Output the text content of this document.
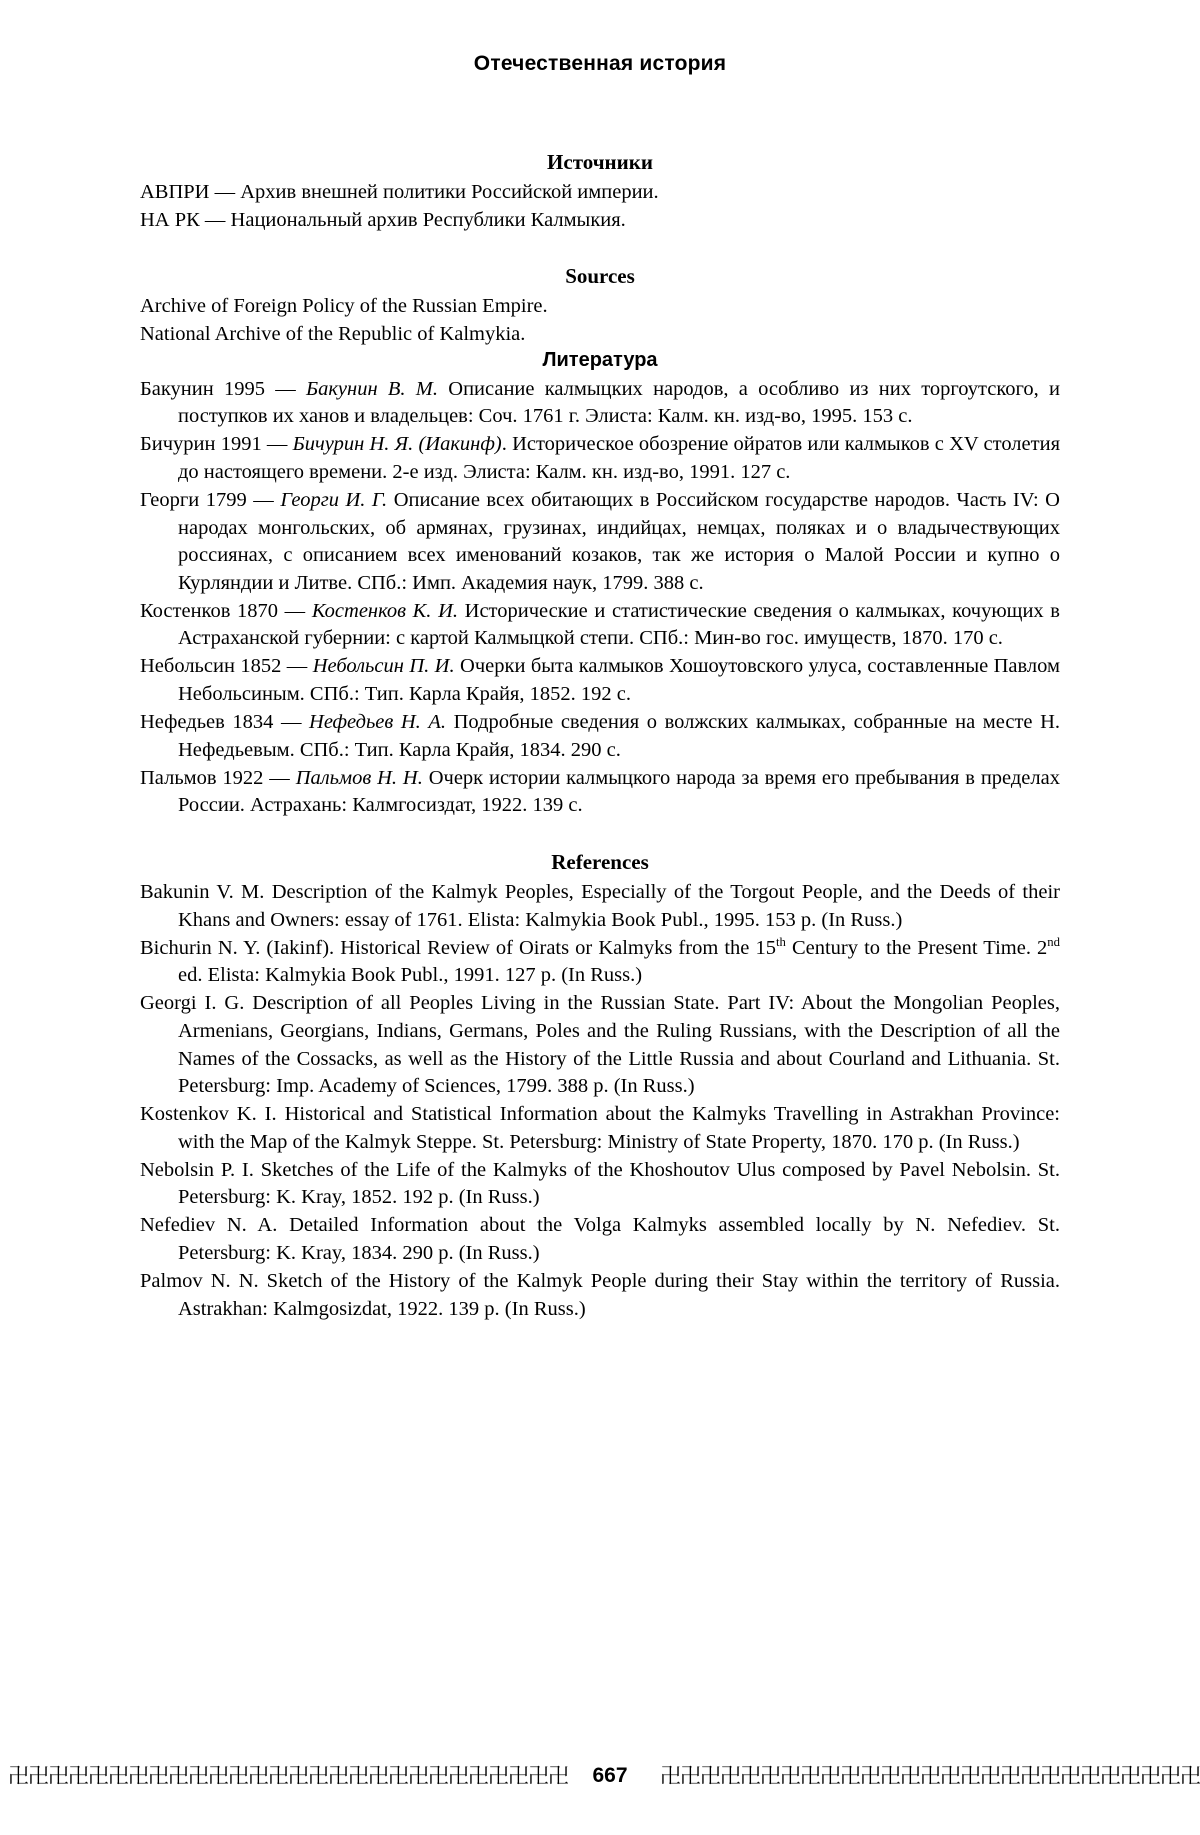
Отечественная история
Источники

АВПРИ — Архив внешней политики Российской империи.

НА РК — Национальный архив Республики Калмыкия.

Sources

Archive of Foreign Policy of the Russian Empire.

National Archive of the Republic of Kalmykia.

Литература
Бакунин 1995 — Бакунин В. М. Описание калмыцких народов, а особливо из них торгоутского, и поступков их ханов и владельцев: Соч. 1761 г. Элиста: Калм. кн. изд-во, 1995. 153 с.
Бичурин 1991 — Бичурин Н. Я. (Иакинф). Историческое обозрение ойратов или калмыков с XV столетия до настоящего времени. 2-е изд. Элиста: Калм. кн. изд-во, 1991. 127 с.
Георги 1799 — Георги И. Г. Описание всех обитающих в Российском государстве народов. Часть IV: О народах монгольских, об армянах, грузинах, индийцах, немцах, поляках и о владычествующих россиянах, с описанием всех именований козаков, так же история о Малой России и купно о Курляндии и Литве. СПб.: Имп. Академия наук, 1799. 388 с.
Костенков 1870 — Костенков К. И. Исторические и статистические сведения о калмыках, кочующих в Астраханской губернии: с картой Калмыцкой степи. СПб.: Мин-во гос. имуществ, 1870. 170 с.
Небольсин 1852 — Небольсин П. И. Очерки быта калмыков Хошоутовского улуса, составленные Павлом Небольсиным. СПб.: Тип. Карла Крайя, 1852. 192 с.
Нефедьев 1834 — Нефедьев Н. А. Подробные сведения о волжских калмыках, собранные на месте Н. Нефедьевым. СПб.: Тип. Карла Крайя, 1834. 290 с.
Пальмов 1922 — Пальмов Н. Н. Очерк истории калмыцкого народа за время его пребывания в пределах России. Астрахань: Калмгосиздат, 1922. 139 с.
References
Bakunin V. M. Description of the Kalmyk Peoples, Especially of the Torgout People, and the Deeds of their Khans and Owners: essay of 1761. Elista: Kalmykia Book Publ., 1995. 153 p. (In Russ.)
Bichurin N. Y. (Iakinf). Historical Review of Oirats or Kalmyks from the 15th Century to the Present Time. 2nd ed. Elista: Kalmykia Book Publ., 1991. 127 p. (In Russ.)
Georgi I. G. Description of all Peoples Living in the Russian State. Part IV: About the Mongolian Peoples, Armenians, Georgians, Indians, Germans, Poles and the Ruling Russians, with the Description of all the Names of the Cossacks, as well as the History of the Little Russia and about Courland and Lithuania. St. Petersburg: Imp. Academy of Sciences, 1799. 388 p. (In Russ.)
Kostenkov K. I. Historical and Statistical Information about the Kalmyks Travelling in Astrakhan Province: with the Map of the Kalmyk Steppe. St. Petersburg: Ministry of State Property, 1870. 170 p. (In Russ.)
Nebolsin P. I. Sketches of the Life of the Kalmyks of the Khoshoutov Ulus composed by Pavel Nebolsin. St. Petersburg: K. Kray, 1852. 192 p. (In Russ.)
Nefediev N. A. Detailed Information about the Volga Kalmyks assembled locally by N. Nefediev. St. Petersburg: K. Kray, 1834. 290 p. (In Russ.)
Palmov N. N. Sketch of the History of the Kalmyk People during their Stay within the territory of Russia. Astrakhan: Kalmgosizdat, 1922. 139 p. (In Russ.)
卍卍卍卍卍卍卍卍卍卍卍卍卍卍卍卍卍卍卍卍卍卍卍卍卍卍卍卍	667	卍卍卍卍卍卍卍卍卍卍卍卍卍卍卍卍卍卍卍卍卍卍卍卍卍卍卍
